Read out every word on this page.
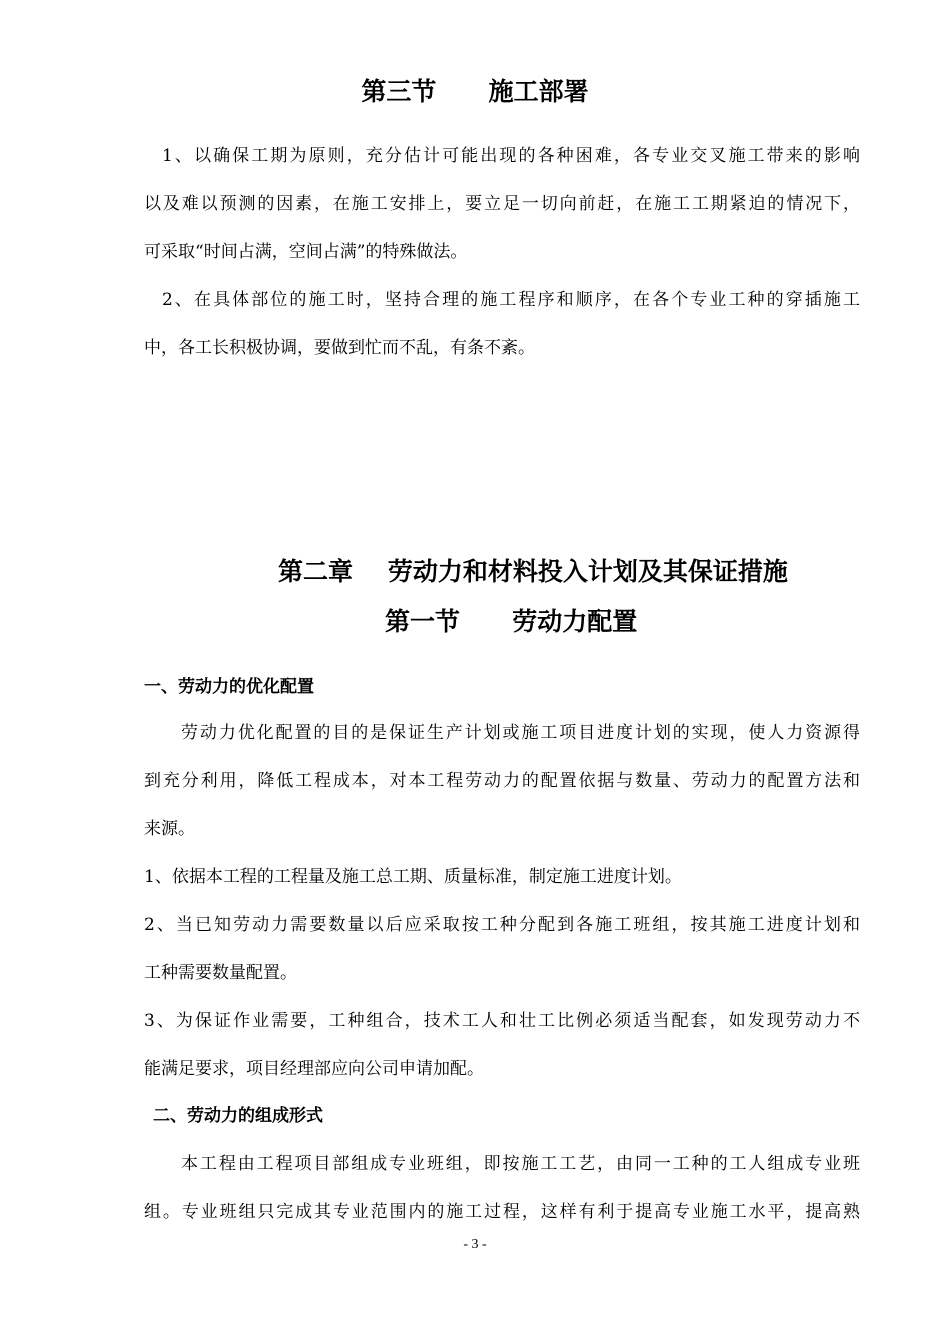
第三节      施工部署
1、以确保工期为原则，充分估计可能出现的各种困难，各专业交叉施工带来的影响
以及难以预测的因素，在施工安排上，要立足一切向前赶，在施工工期紧迫的情况下，
可采取“时间占满，空间占满”的特殊做法。
2、在具体部位的施工时，坚持合理的施工程序和顺序，在各个专业工种的穿插施工
中，各工长积极协调，要做到忙而不乱，有条不紊。
第二章    劳动力和材料投入计划及其保证措施
第一节      劳动力配置
一、劳动力的优化配置
劳动力优化配置的目的是保证生产计划或施工项目进度计划的实现，使人力资源得
到充分利用，降低工程成本，对本工程劳动力的配置依据与数量、劳动力的配置方法和
来源。
1、依据本工程的工程量及施工总工期、质量标准，制定施工进度计划。
2、当已知劳动力需要数量以后应采取按工种分配到各施工班组，按其施工进度计划和
工种需要数量配置。
3、为保证作业需要，工种组合，技术工人和壮工比例必须适当配套，如发现劳动力不
能满足要求，项目经理部应向公司申请加配。
二、劳动力的组成形式
本工程由工程项目部组成专业班组，即按施工工艺，由同一工种的工人组成专业班
组。专业班组只完成其专业范围内的施工过程，这样有利于提高专业施工水平，提高熟
- 3 -
